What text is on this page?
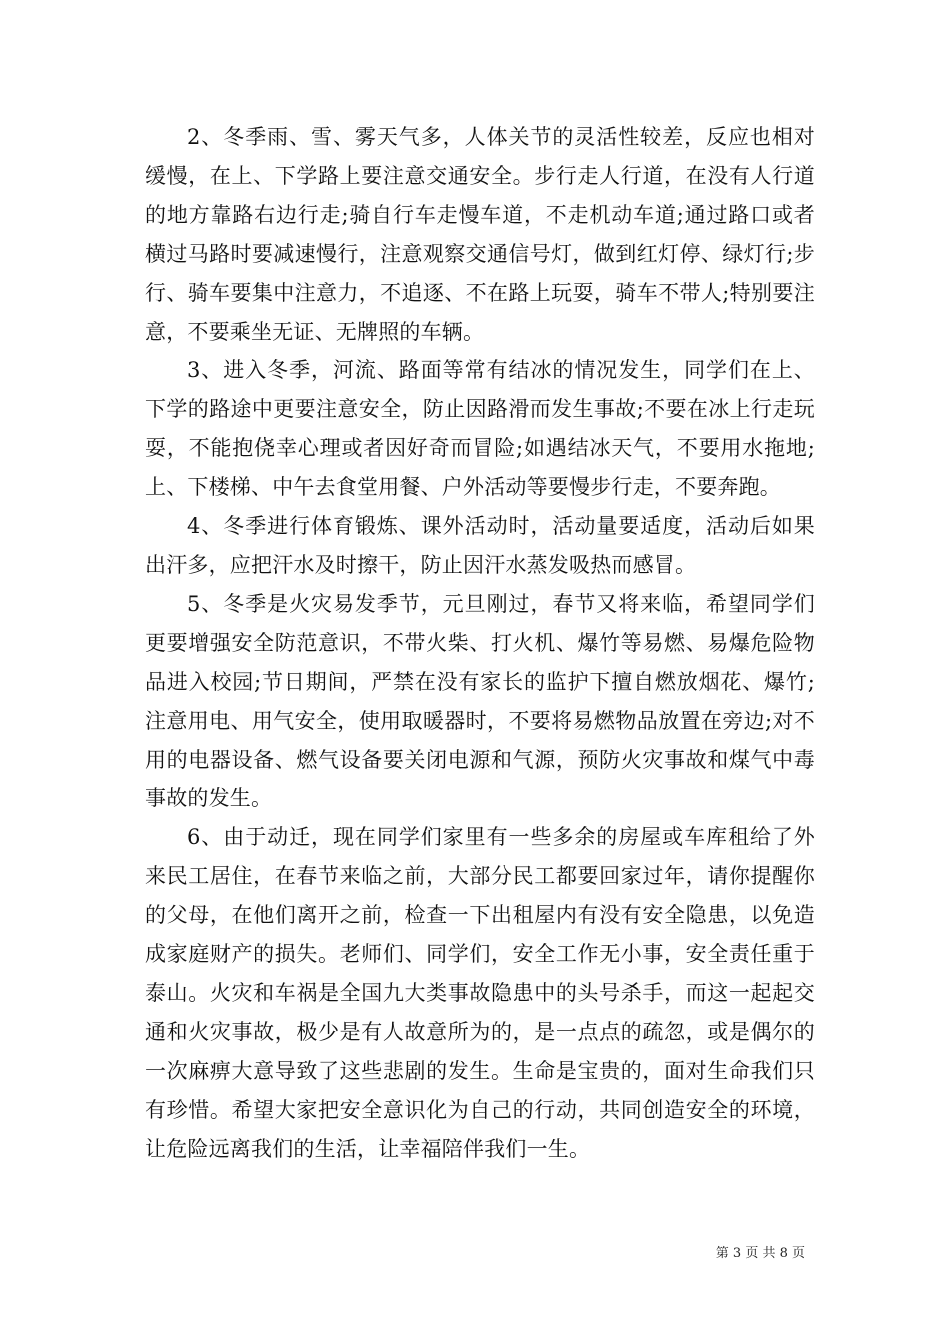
2、冬季雨、雪、雾天气多，人体关节的灵活性较差，反应也相对缓慢，在上、下学路上要注意交通安全。步行走人行道，在没有人行道的地方靠路右边行走;骑自行车走慢车道，不走机动车道;通过路口或者横过马路时要减速慢行，注意观察交通信号灯，做到红灯停、绿灯行;步行、骑车要集中注意力，不追逐、不在路上玩耍，骑车不带人;特别要注意，不要乘坐无证、无牌照的车辆。

3、进入冬季，河流、路面等常有结冰的情况发生，同学们在上、下学的路途中更要注意安全，防止因路滑而发生事故;不要在冰上行走玩耍，不能抱侥幸心理或者因好奇而冒险;如遇结冰天气，不要用水拖地;上、下楼梯、中午去食堂用餐、户外活动等要慢步行走，不要奔跑。

4、冬季进行体育锻炼、课外活动时，活动量要适度，活动后如果出汗多，应把汗水及时擦干，防止因汗水蒸发吸热而感冒。

5、冬季是火灾易发季节，元旦刚过，春节又将来临，希望同学们更要增强安全防范意识，不带火柴、打火机、爆竹等易燃、易爆危险物品进入校园;节日期间，严禁在没有家长的监护下擅自燃放烟花、爆竹;注意用电、用气安全，使用取暖器时，不要将易燃物品放置在旁边;对不用的电器设备、燃气设备要关闭电源和气源，预防火灾事故和煤气中毒事故的发生。

6、由于动迁，现在同学们家里有一些多余的房屋或车库租给了外来民工居住，在春节来临之前，大部分民工都要回家过年，请你提醒你的父母，在他们离开之前，检查一下出租屋内有没有安全隐患，以免造成家庭财产的损失。老师们、同学们，安全工作无小事，安全责任重于泰山。火灾和车祸是全国九大类事故隐患中的头号杀手，而这一起起交通和火灾事故，极少是有人故意所为的，是一点点的疏忽，或是偶尔的一次麻痹大意导致了这些悲剧的发生。生命是宝贵的，面对生命我们只有珍惜。希望大家把安全意识化为自己的行动，共同创造安全的环境，让危险远离我们的生活，让幸福陪伴我们一生。

第 3 页 共 8 页
